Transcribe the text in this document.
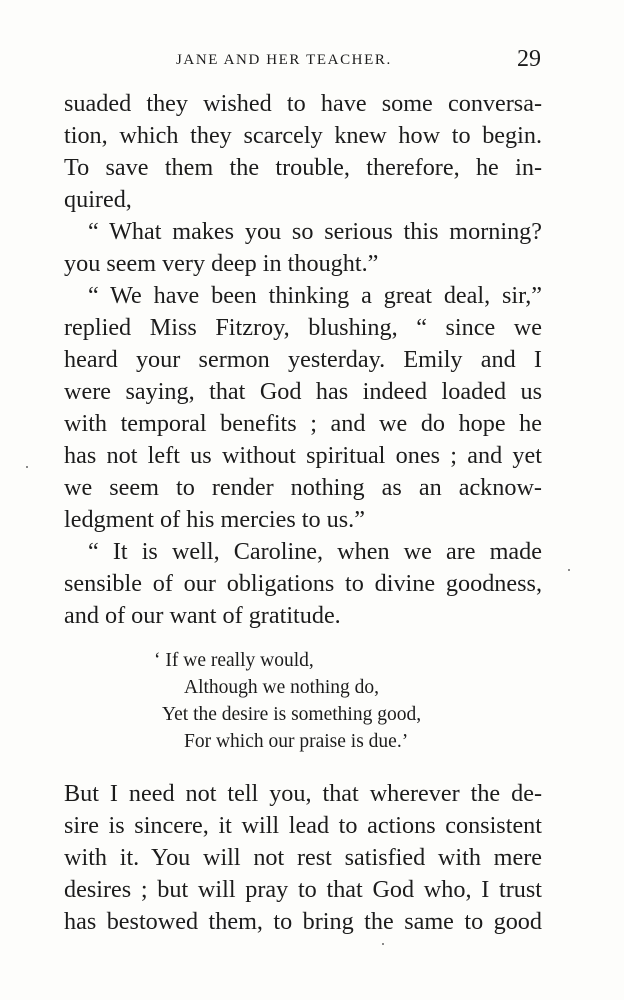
JANE AND HER TEACHER.	29
suaded they wished to have some conversa-
tion, which they scarcely knew how to begin.
To save them the trouble, therefore, he in-
quired,
“ What makes you so serious this morning?
you seem very deep in thought.”
“ We have been thinking a great deal, sir,”
replied Miss Fitzroy, blushing, “ since we
heard your sermon yesterday. Emily and I
were saying, that God has indeed loaded us
with temporal benefits ; and we do hope he
has not left us without spiritual ones ; and yet
we seem to render nothing as an acknow-
ledgment of his mercies to us.”
“ It is well, Caroline, when we are made
sensible of our obligations to divine goodness,
and of our want of gratitude.
‘ If we really would,
Although we nothing do,
Yet the desire is something good,
For which our praise is due.’
But I need not tell you, that wherever the de-
sire is sincere, it will lead to actions consistent
with it. You will not rest satisfied with mere
desires ; but will pray to that God who, I trust
has bestowed them, to bring the same to good
